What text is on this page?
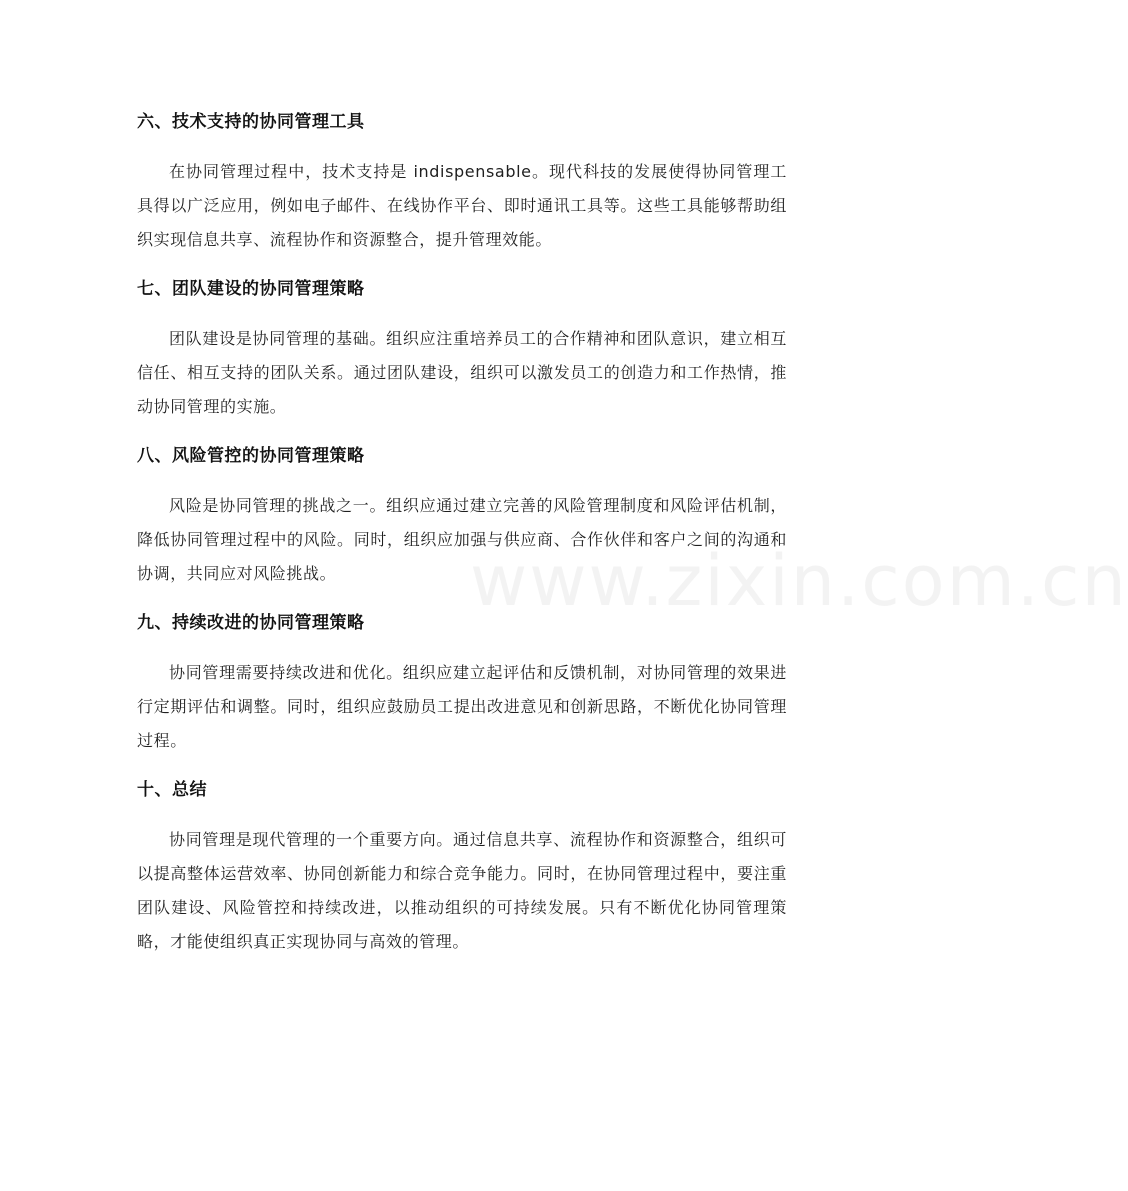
www.zixin.com.cn
六、技术支持的协同管理工具

在协同管理过程中，技术支持是 indispensable。现代科技的发展使得协同管理工具得以广泛应用，例如电子邮件、在线协作平台、即时通讯工具等。这些工具能够帮助组织实现信息共享、流程协作和资源整合，提升管理效能。

七、团队建设的协同管理策略

团队建设是协同管理的基础。组织应注重培养员工的合作精神和团队意识，建立相互信任、相互支持的团队关系。通过团队建设，组织可以激发员工的创造力和工作热情，推动协同管理的实施。

八、风险管控的协同管理策略

风险是协同管理的挑战之一。组织应通过建立完善的风险管理制度和风险评估机制，降低协同管理过程中的风险。同时，组织应加强与供应商、合作伙伴和客户之间的沟通和协调，共同应对风险挑战。

九、持续改进的协同管理策略

协同管理需要持续改进和优化。组织应建立起评估和反馈机制，对协同管理的效果进行定期评估和调整。同时，组织应鼓励员工提出改进意见和创新思路，不断优化协同管理过程。

十、总结

协同管理是现代管理的一个重要方向。通过信息共享、流程协作和资源整合，组织可以提高整体运营效率、协同创新能力和综合竞争能力。同时，在协同管理过程中，要注重团队建设、风险管控和持续改进，以推动组织的可持续发展。只有不断优化协同管理策略，才能使组织真正实现协同与高效的管理。
